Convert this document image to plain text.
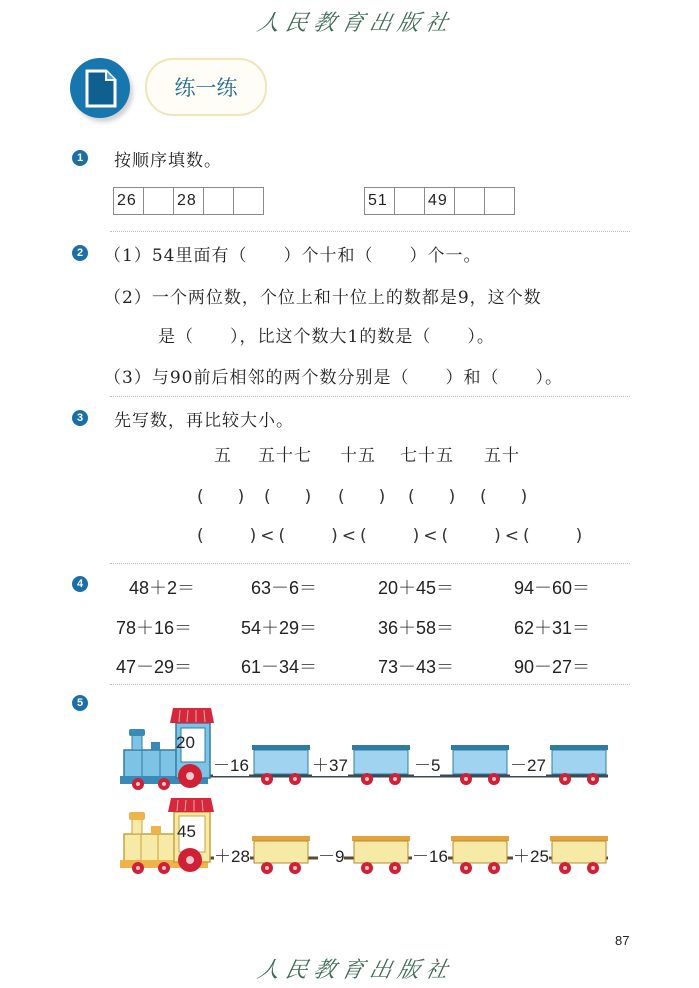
人民教育出版社
练一练
1 按顺序填数。
26	28	51	49
2 （1）54里面有（　　）个十和（　　）个一。
（2）一个两位数，个位上和十位上的数都是9，这个数
是（　　），比这个数大1的数是（　　）。
（3）与90前后相邻的两个数分别是（　　）和（　　）。
3 先写数，再比较大小。
五 五十七 十五 七十五 五十
(　　) (　　) (　　) (　　) (　　)
(　　)<(　　)<(　　)<(　　)<(　　)
4	48＋2＝	63－6＝	20＋45＝	94－60＝
78＋16＝	54＋29＝	36＋58＝	62＋31＝
47－29＝	61－34＝	73－43＝	90－27＝
5
20
－16	＋37	－5	－27
45
＋28	－9	－16	＋25
87
人民教育出版社
